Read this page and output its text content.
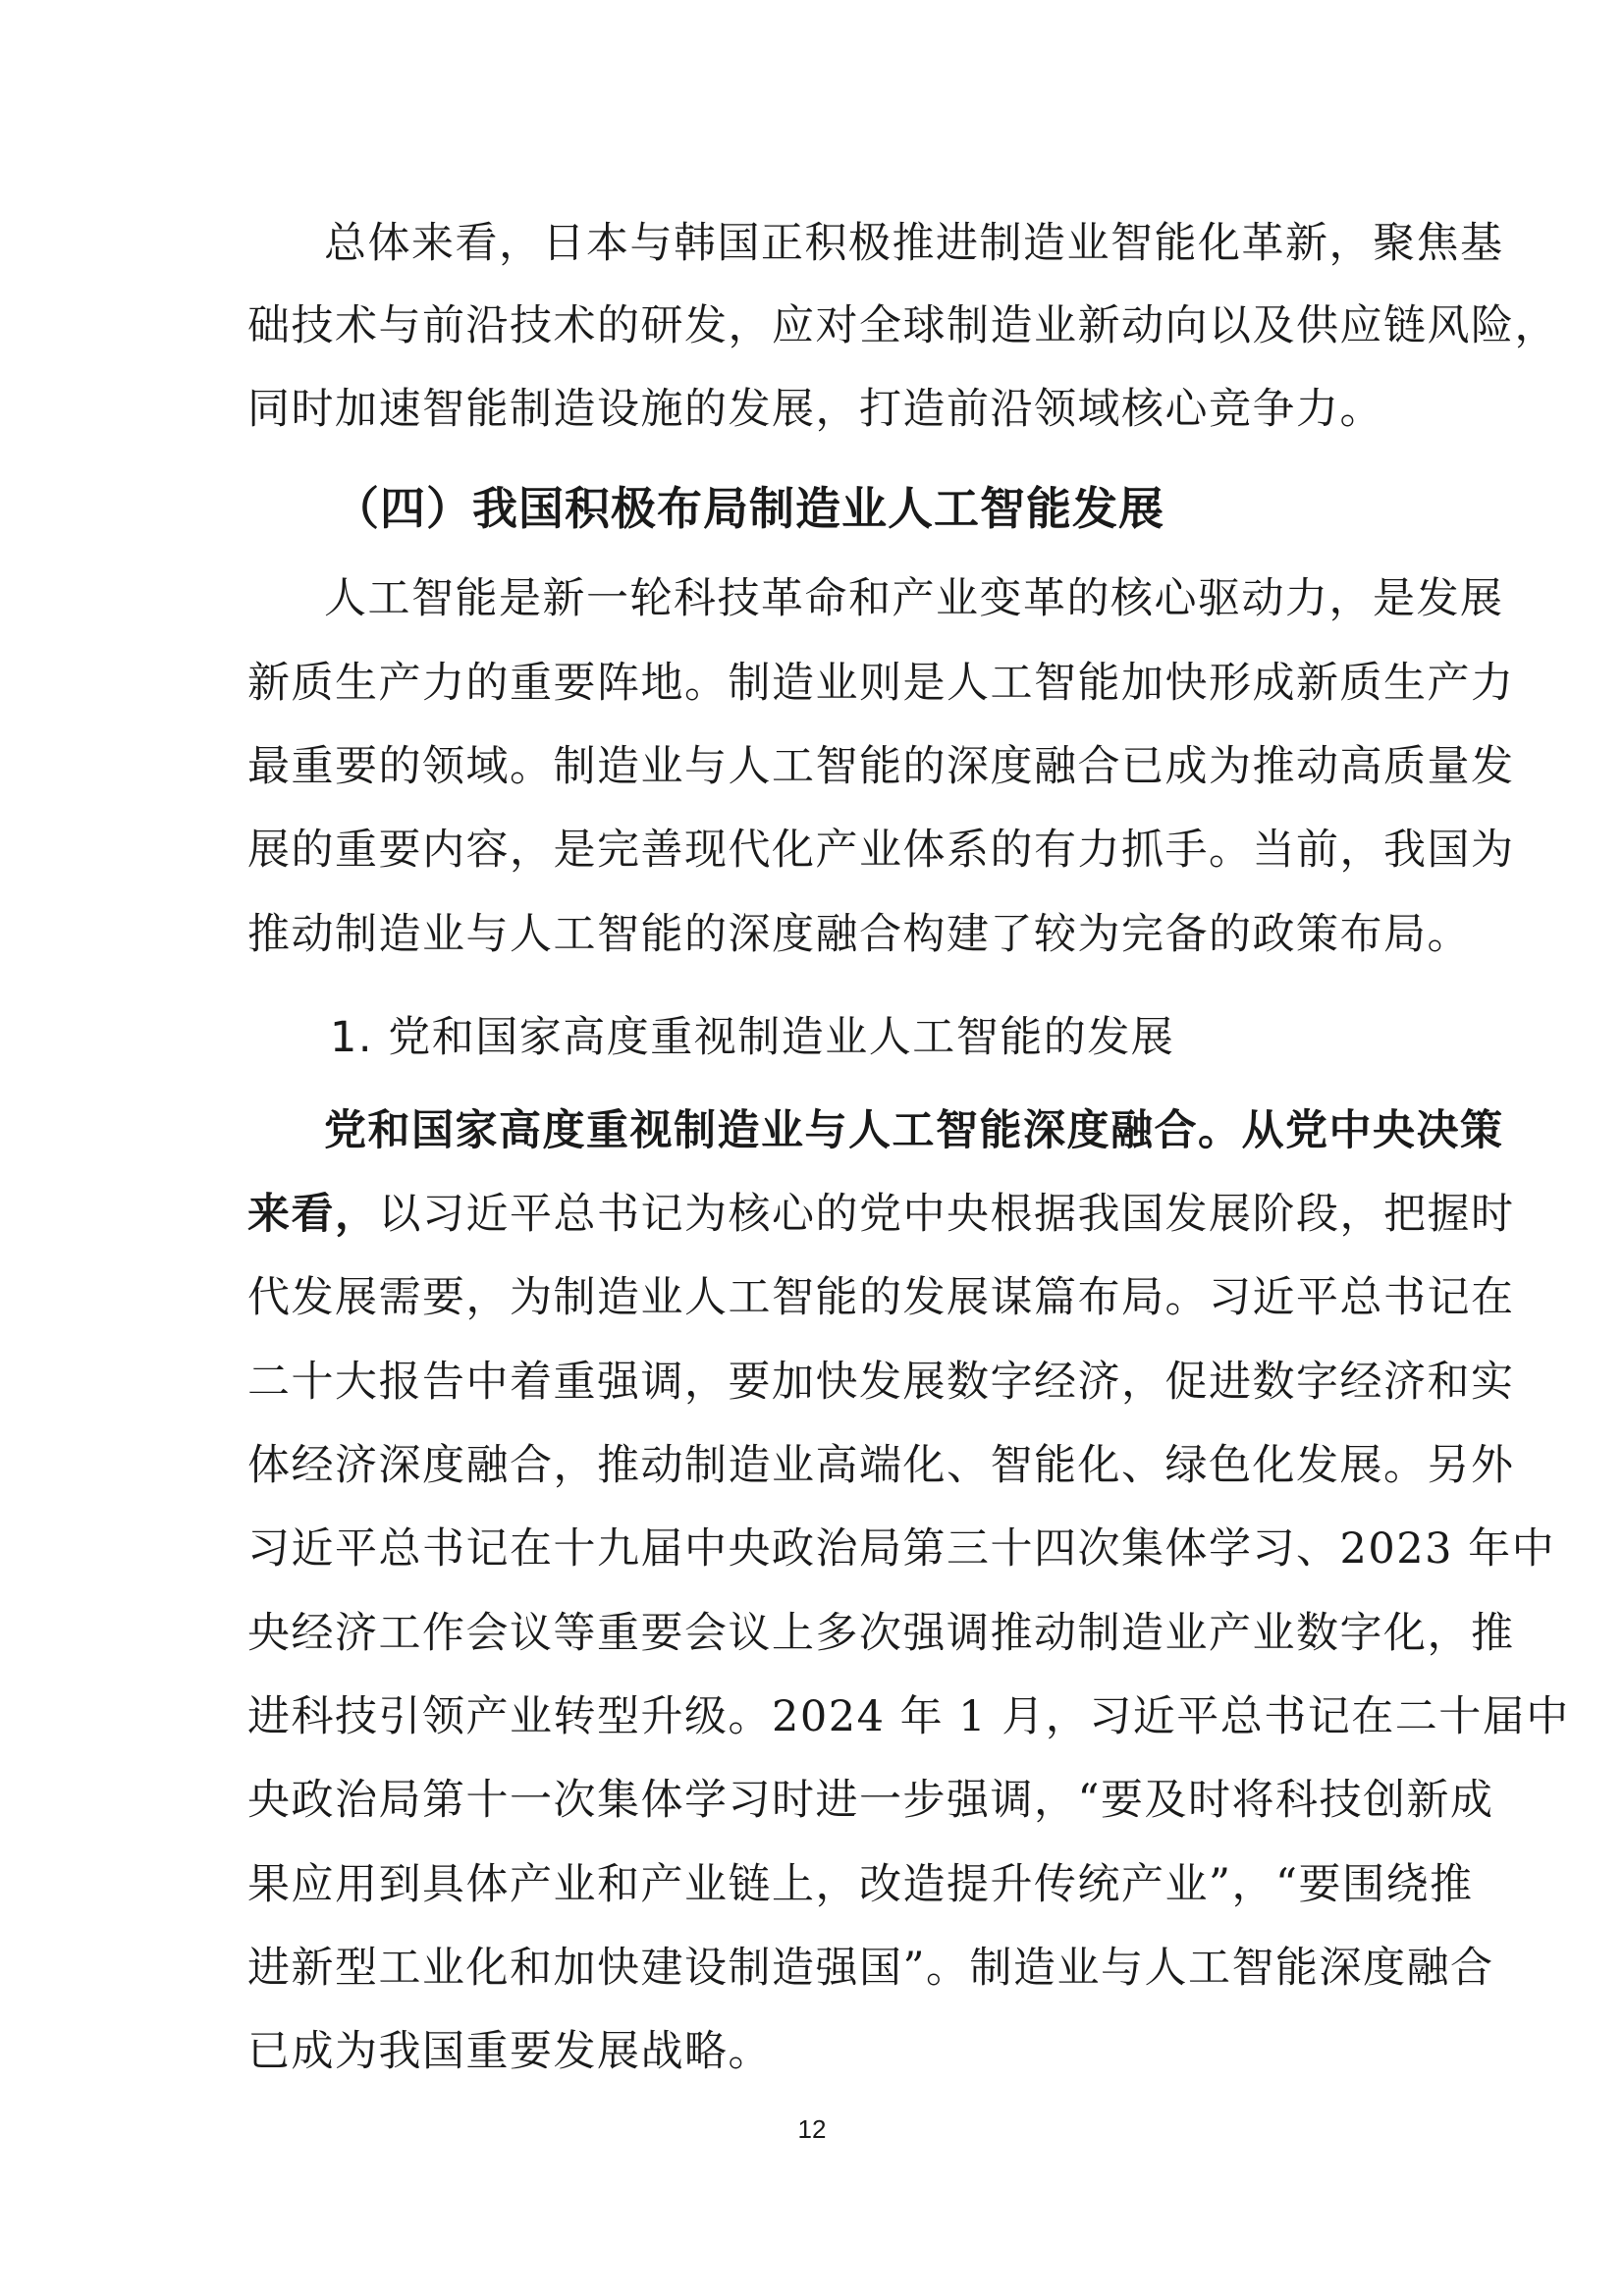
总体来看，日本与韩国正积极推进制造业智能化革新，聚焦基
础技术与前沿技术的研发，应对全球制造业新动向以及供应链风险，
同时加速智能制造设施的发展，打造前沿领域核心竞争力。
（四）我国积极布局制造业人工智能发展
人工智能是新一轮科技革命和产业变革的核心驱动力，是发展
新质生产力的重要阵地。制造业则是人工智能加快形成新质生产力
最重要的领域。制造业与人工智能的深度融合已成为推动高质量发
展的重要内容，是完善现代化产业体系的有力抓手。当前，我国为
推动制造业与人工智能的深度融合构建了较为完备的政策布局。
1. 党和国家高度重视制造业人工智能的发展
党和国家高度重视制造业与人工智能深度融合。从党中央决策
来看，以习近平总书记为核心的党中央根据我国发展阶段，把握时
代发展需要，为制造业人工智能的发展谋篇布局。习近平总书记在
二十大报告中着重强调，要加快发展数字经济，促进数字经济和实
体经济深度融合，推动制造业高端化、智能化、绿色化发展。另外
习近平总书记在十九届中央政治局第三十四次集体学习、2023 年中
央经济工作会议等重要会议上多次强调推动制造业产业数字化，推
进科技引领产业转型升级。2024 年 1 月，习近平总书记在二十届中
央政治局第十一次集体学习时进一步强调，“要及时将科技创新成
果应用到具体产业和产业链上，改造提升传统产业”，“要围绕推
进新型工业化和加快建设制造强国”。制造业与人工智能深度融合
已成为我国重要发展战略。
12
